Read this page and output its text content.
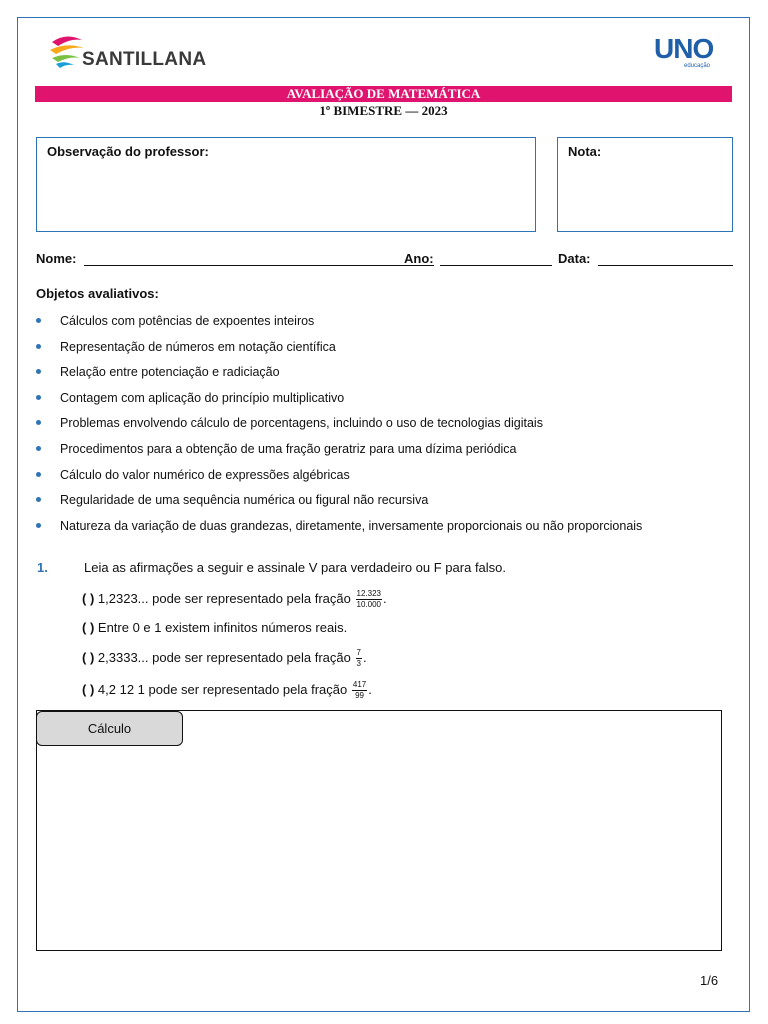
SANTILLANA	UNO
educação
AVALIAÇÃO DE MATEMÁTICA
1º BIMESTRE — 2023
Observação do professor:	Nota:
Nome:	Ano:	Data:
Objetos avaliativos:
Cálculos com potências de expoentes inteiros
Representação de números em notação científica
Relação entre potenciação e radiciação
Contagem com aplicação do princípio multiplicativo
Problemas envolvendo cálculo de porcentagens, incluindo o uso de tecnologias digitais
Procedimentos para a obtenção de uma fração geratriz para uma dízima periódica
Cálculo do valor numérico de expressões algébricas
Regularidade de uma sequência numérica ou figural não recursiva
Natureza da variação de duas grandezas, diretamente, inversamente proporcionais ou não proporcionais
1.	Leia as afirmações a seguir e assinale V para verdadeiro ou F para falso.
( ) 1,2323... pode ser representado pela fração $\frac{12.323}{10.000}$ .
( ) Entre 0 e 1 existem infinitos números reais.
( ) 2,3333... pode ser representado pela fração $\frac{7}{3}$ .
( ) 4,2 12 1 pode ser representado pela fração $\frac{417}{99}$ .
Cálculo
1/6
